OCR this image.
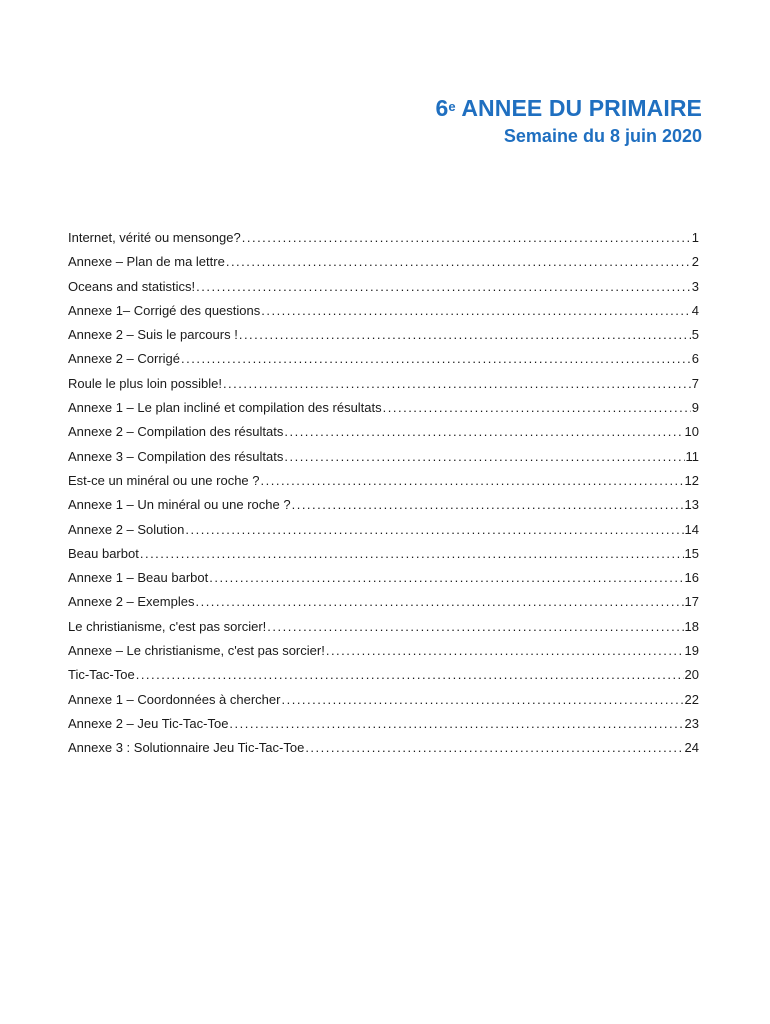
6e ANNEE DU PRIMAIRE
Semaine du 8 juin 2020
Internet, vérité ou mensonge? .....	1
Annexe – Plan de ma lettre .....	2
Oceans and statistics! .....	3
Annexe 1– Corrigé des questions .....	4
Annexe 2 – Suis le parcours ! .....	5
Annexe 2 – Corrigé .....	6
Roule le plus loin possible! .....	7
Annexe 1 – Le plan incliné et compilation des résultats .....	9
Annexe 2 – Compilation des résultats .....	10
Annexe 3 – Compilation des résultats .....	11
Est-ce un minéral ou une roche ? .....	12
Annexe 1 – Un minéral ou une roche ? .....	13
Annexe 2 – Solution .....	14
Beau barbot .....	15
Annexe 1 – Beau barbot .....	16
Annexe 2 – Exemples .....	17
Le christianisme, c'est pas sorcier! .....	18
Annexe – Le christianisme, c'est pas sorcier! .....	19
Tic-Tac-Toe .....	20
Annexe 1 – Coordonnées à chercher .....	22
Annexe 2 – Jeu Tic-Tac-Toe .....	23
Annexe 3 : Solutionnaire Jeu Tic-Tac-Toe .....	24
